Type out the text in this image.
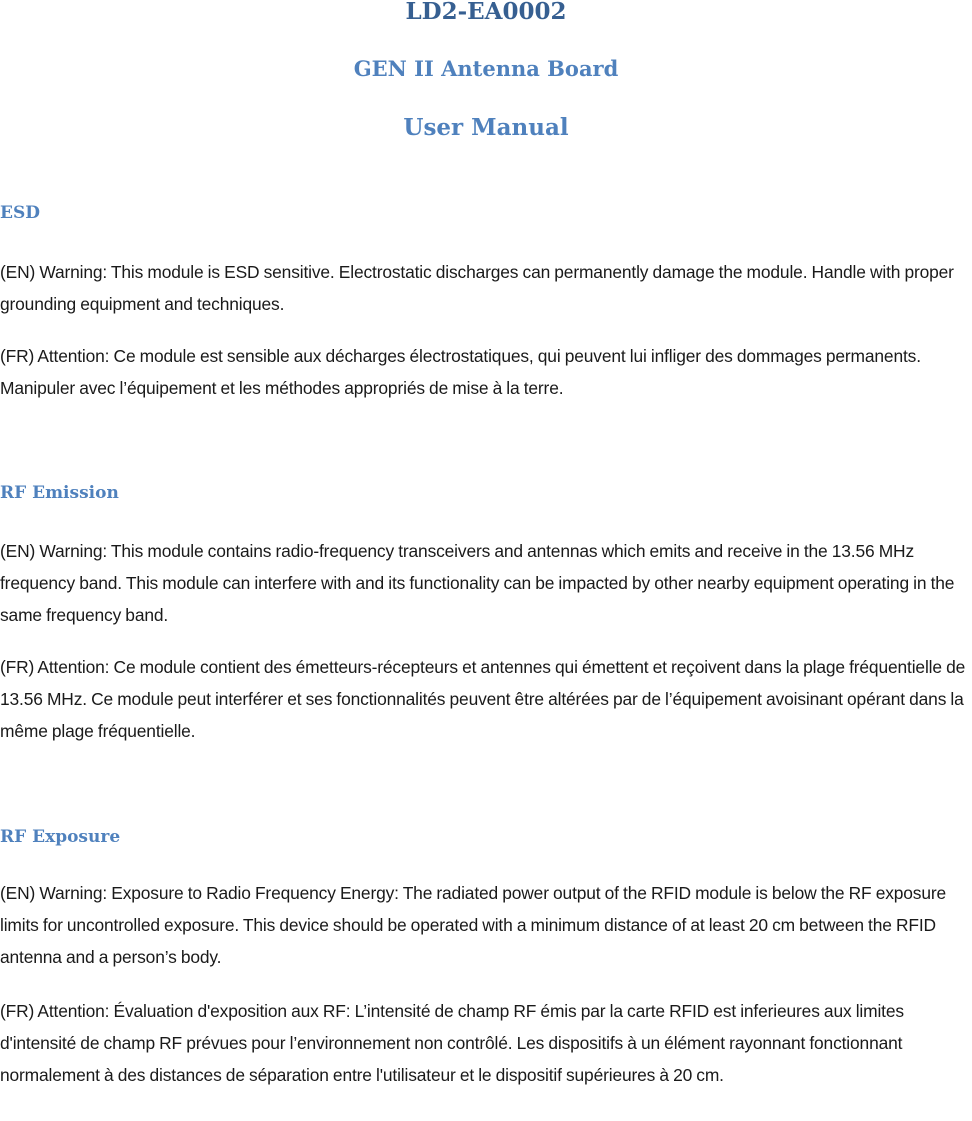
LD2-EA0002
GEN II Antenna Board
User Manual
ESD

(EN) Warning: This module is ESD sensitive. Electrostatic discharges can permanently damage the module. Handle with proper grounding equipment and techniques.

(FR) Attention: Ce module est sensible aux décharges électrostatiques, qui peuvent lui infliger des dommages permanents. Manipuler avec l’équipement et les méthodes appropriés de mise à la terre.

RF Emission

(EN) Warning: This module contains radio-frequency transceivers and antennas which emits and receive in the 13.56 MHz frequency band. This module can interfere with and its functionality can be impacted by other nearby equipment operating in the same frequency band.

(FR) Attention: Ce module contient des émetteurs-récepteurs et antennes qui émettent et reçoivent dans la plage fréquentielle de 13.56 MHz. Ce module peut interférer et ses fonctionnalités peuvent être altérées par de l’équipement avoisinant opérant dans la même plage fréquentielle.

RF Exposure

(EN) Warning: Exposure to Radio Frequency Energy: The radiated power output of the RFID module is below the RF exposure limits for uncontrolled exposure. This device should be operated with a minimum distance of at least 20 cm between the RFID antenna and a person’s body.

(FR) Attention: Évaluation d'exposition aux RF: L’intensité de champ RF émis par la carte RFID est inferieures aux limites d'intensité de champ RF prévues pour l’environnement non contrôlé. Les dispositifs à un élément rayonnant fonctionnant normalement à des distances de séparation entre l'utilisateur et le dispositif supérieures à 20 cm.
